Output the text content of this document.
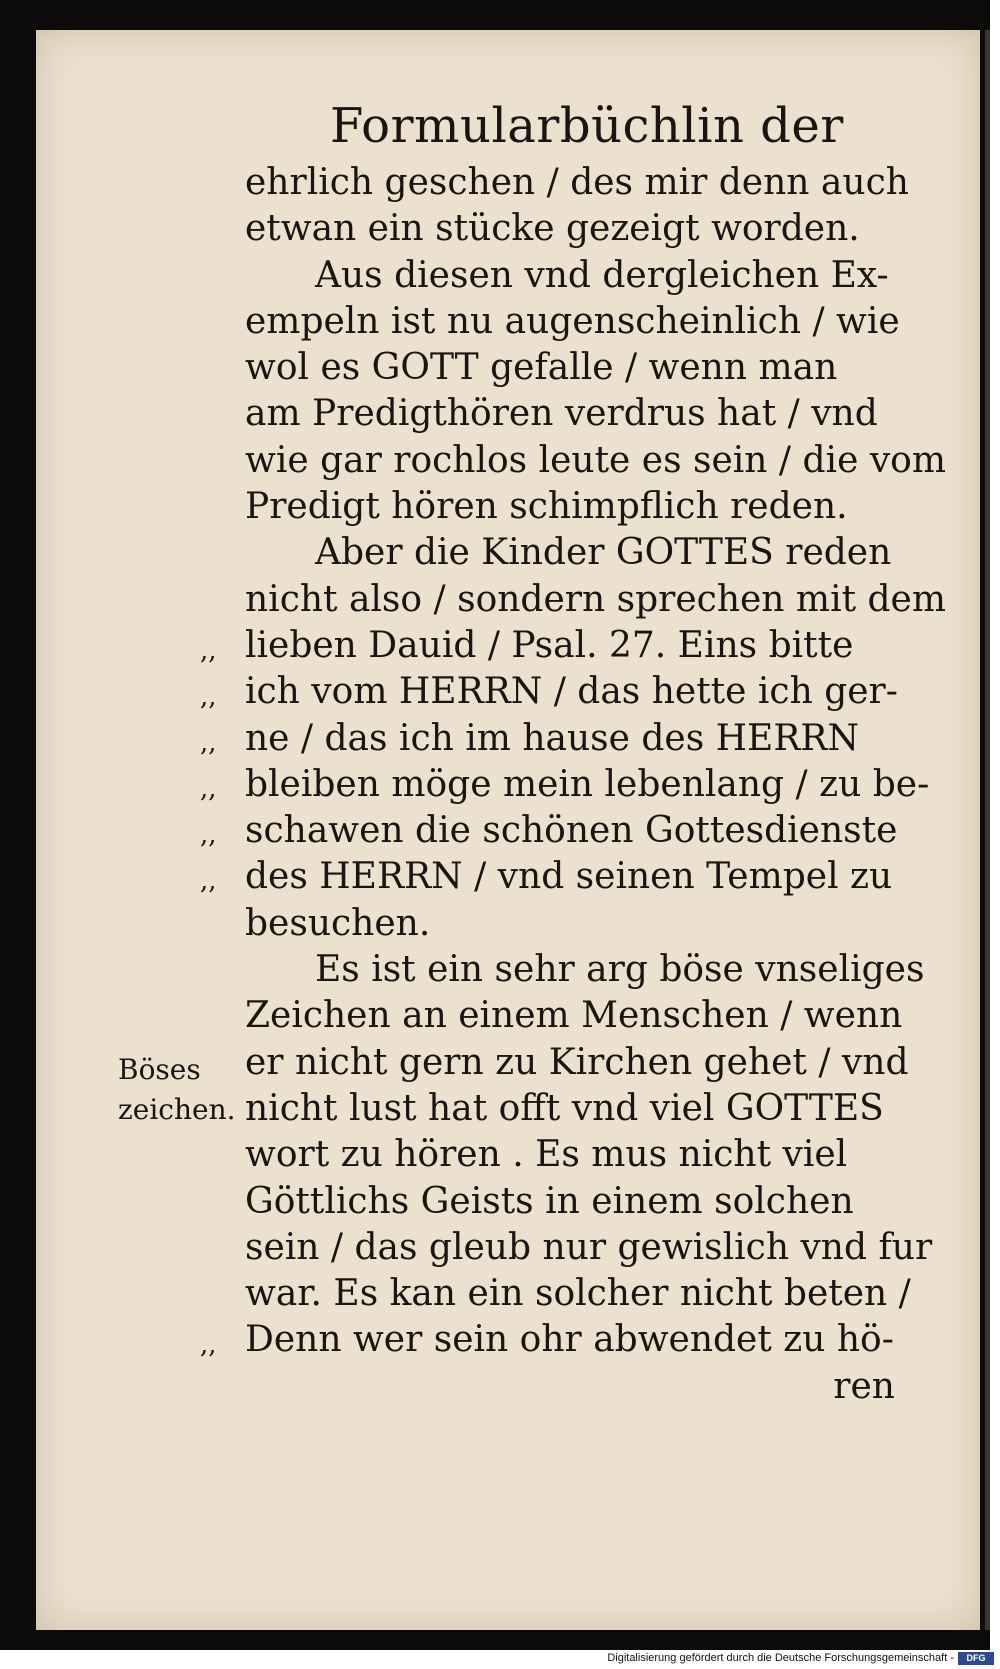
Formularbüchlin der
ehrlich geschen / des mir denn auch
etwan ein stücke gezeigt worden.
Aus diesen vnd dergleichen Ex-
empeln ist nu augenscheinlich / wie
wol es GOTT gefalle / wenn man
am Predigthören verdrus hat / vnd
wie gar rochlos leute es sein / die vom
Predigt hören schimpflich reden.
Aber die Kinder GOTTES reden
nicht also / sondern sprechen mit dem
lieben Dauid / Psal. 27. Eins bitte
ich vom HERRN / das hette ich ger-
ne / das ich im hause des HERRN
bleiben möge mein lebenlang / zu be-
schawen die schönen Gottesdienste
des HERRN / vnd seinen Tempel zu
besuchen.
Es ist ein sehr arg böse vnseliges
Zeichen an einem Menschen / wenn
er nicht gern zu Kirchen gehet / vnd
nicht lust hat offt vnd viel GOTTES
wort zu hören . Es mus nicht viel
Göttlichs Geists in einem solchen
sein / das gleub nur gewislich vnd fur
war. Es kan ein solcher nicht beten /
Denn wer sein ohr abwendet zu hö-
ren
,,
,,
,,
,,
,,
,,
,,
Böses
zeichen.
Digitalisierung gefördert durch die Deutsche Forschungsgemeinschaft -	DFG
